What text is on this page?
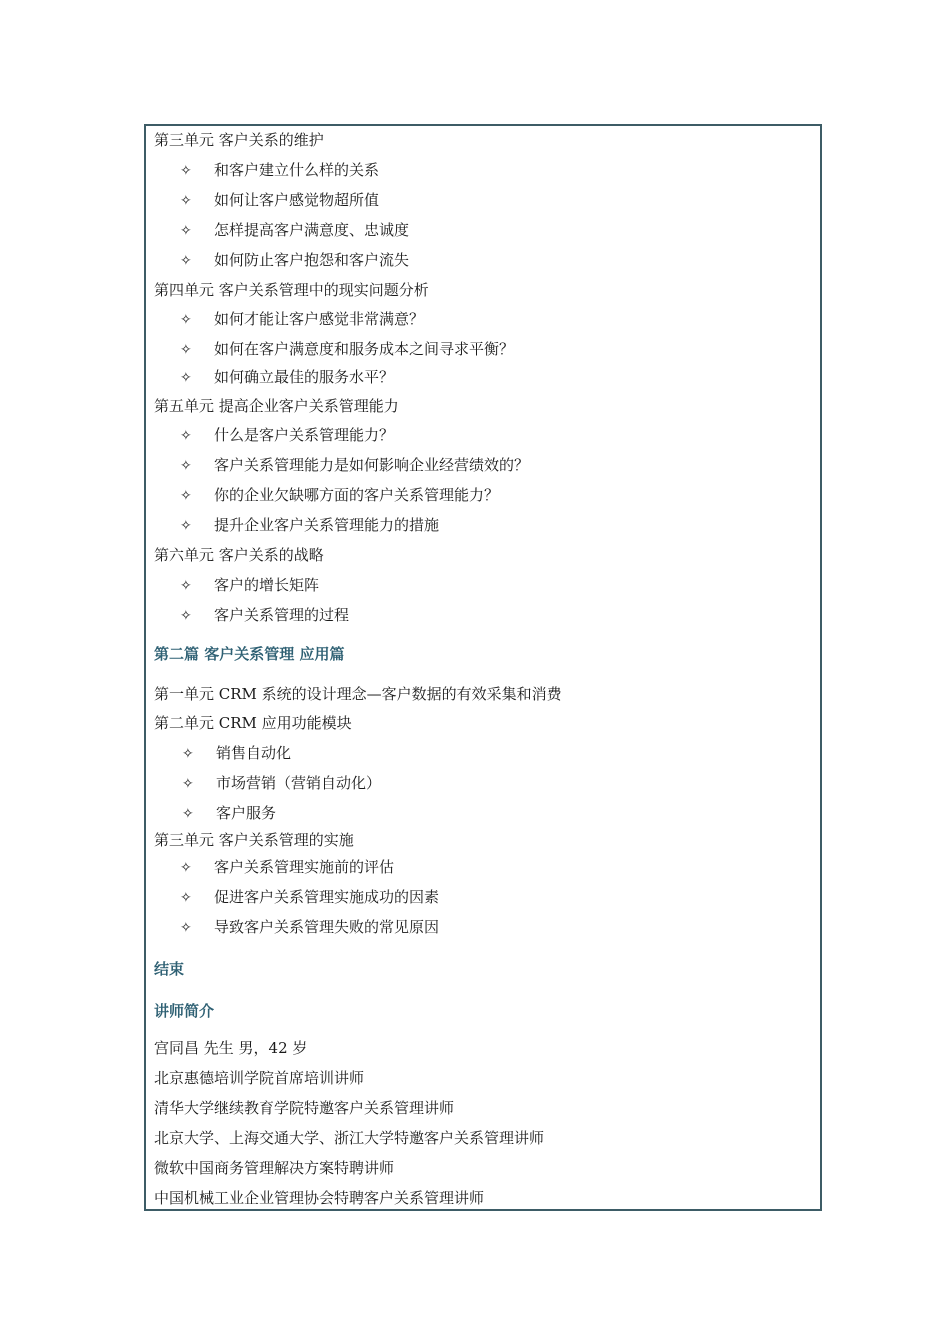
第三单元 客户关系的维护
✧ 和客户建立什么样的关系
✧ 如何让客户感觉物超所值
✧ 怎样提高客户满意度、忠诚度
✧ 如何防止客户抱怨和客户流失
第四单元 客户关系管理中的现实问题分析
✧ 如何才能让客户感觉非常满意？
✧ 如何在客户满意度和服务成本之间寻求平衡？
✧ 如何确立最佳的服务水平？
第五单元 提高企业客户关系管理能力
✧ 什么是客户关系管理能力？
✧ 客户关系管理能力是如何影响企业经营绩效的？
✧ 你的企业欠缺哪方面的客户关系管理能力？
✧ 提升企业客户关系管理能力的措施
第六单元 客户关系的战略
✧ 客户的增长矩阵
✧ 客户关系管理的过程
第二篇 客户关系管理 应用篇
第一单元 CRM 系统的设计理念—客户数据的有效采集和消费
第二单元 CRM 应用功能模块
✧ 销售自动化
✧ 市场营销（营销自动化）
✧ 客户服务
第三单元 客户关系管理的实施
✧ 客户关系管理实施前的评估
✧ 促进客户关系管理实施成功的因素
✧ 导致客户关系管理失败的常见原因
结束
讲师简介
宫同昌 先生 男，42 岁
北京惠德培训学院首席培训讲师
清华大学继续教育学院特邀客户关系管理讲师
北京大学、上海交通大学、浙江大学特邀客户关系管理讲师
微软中国商务管理解决方案特聘讲师
中国机械工业企业管理协会特聘客户关系管理讲师
